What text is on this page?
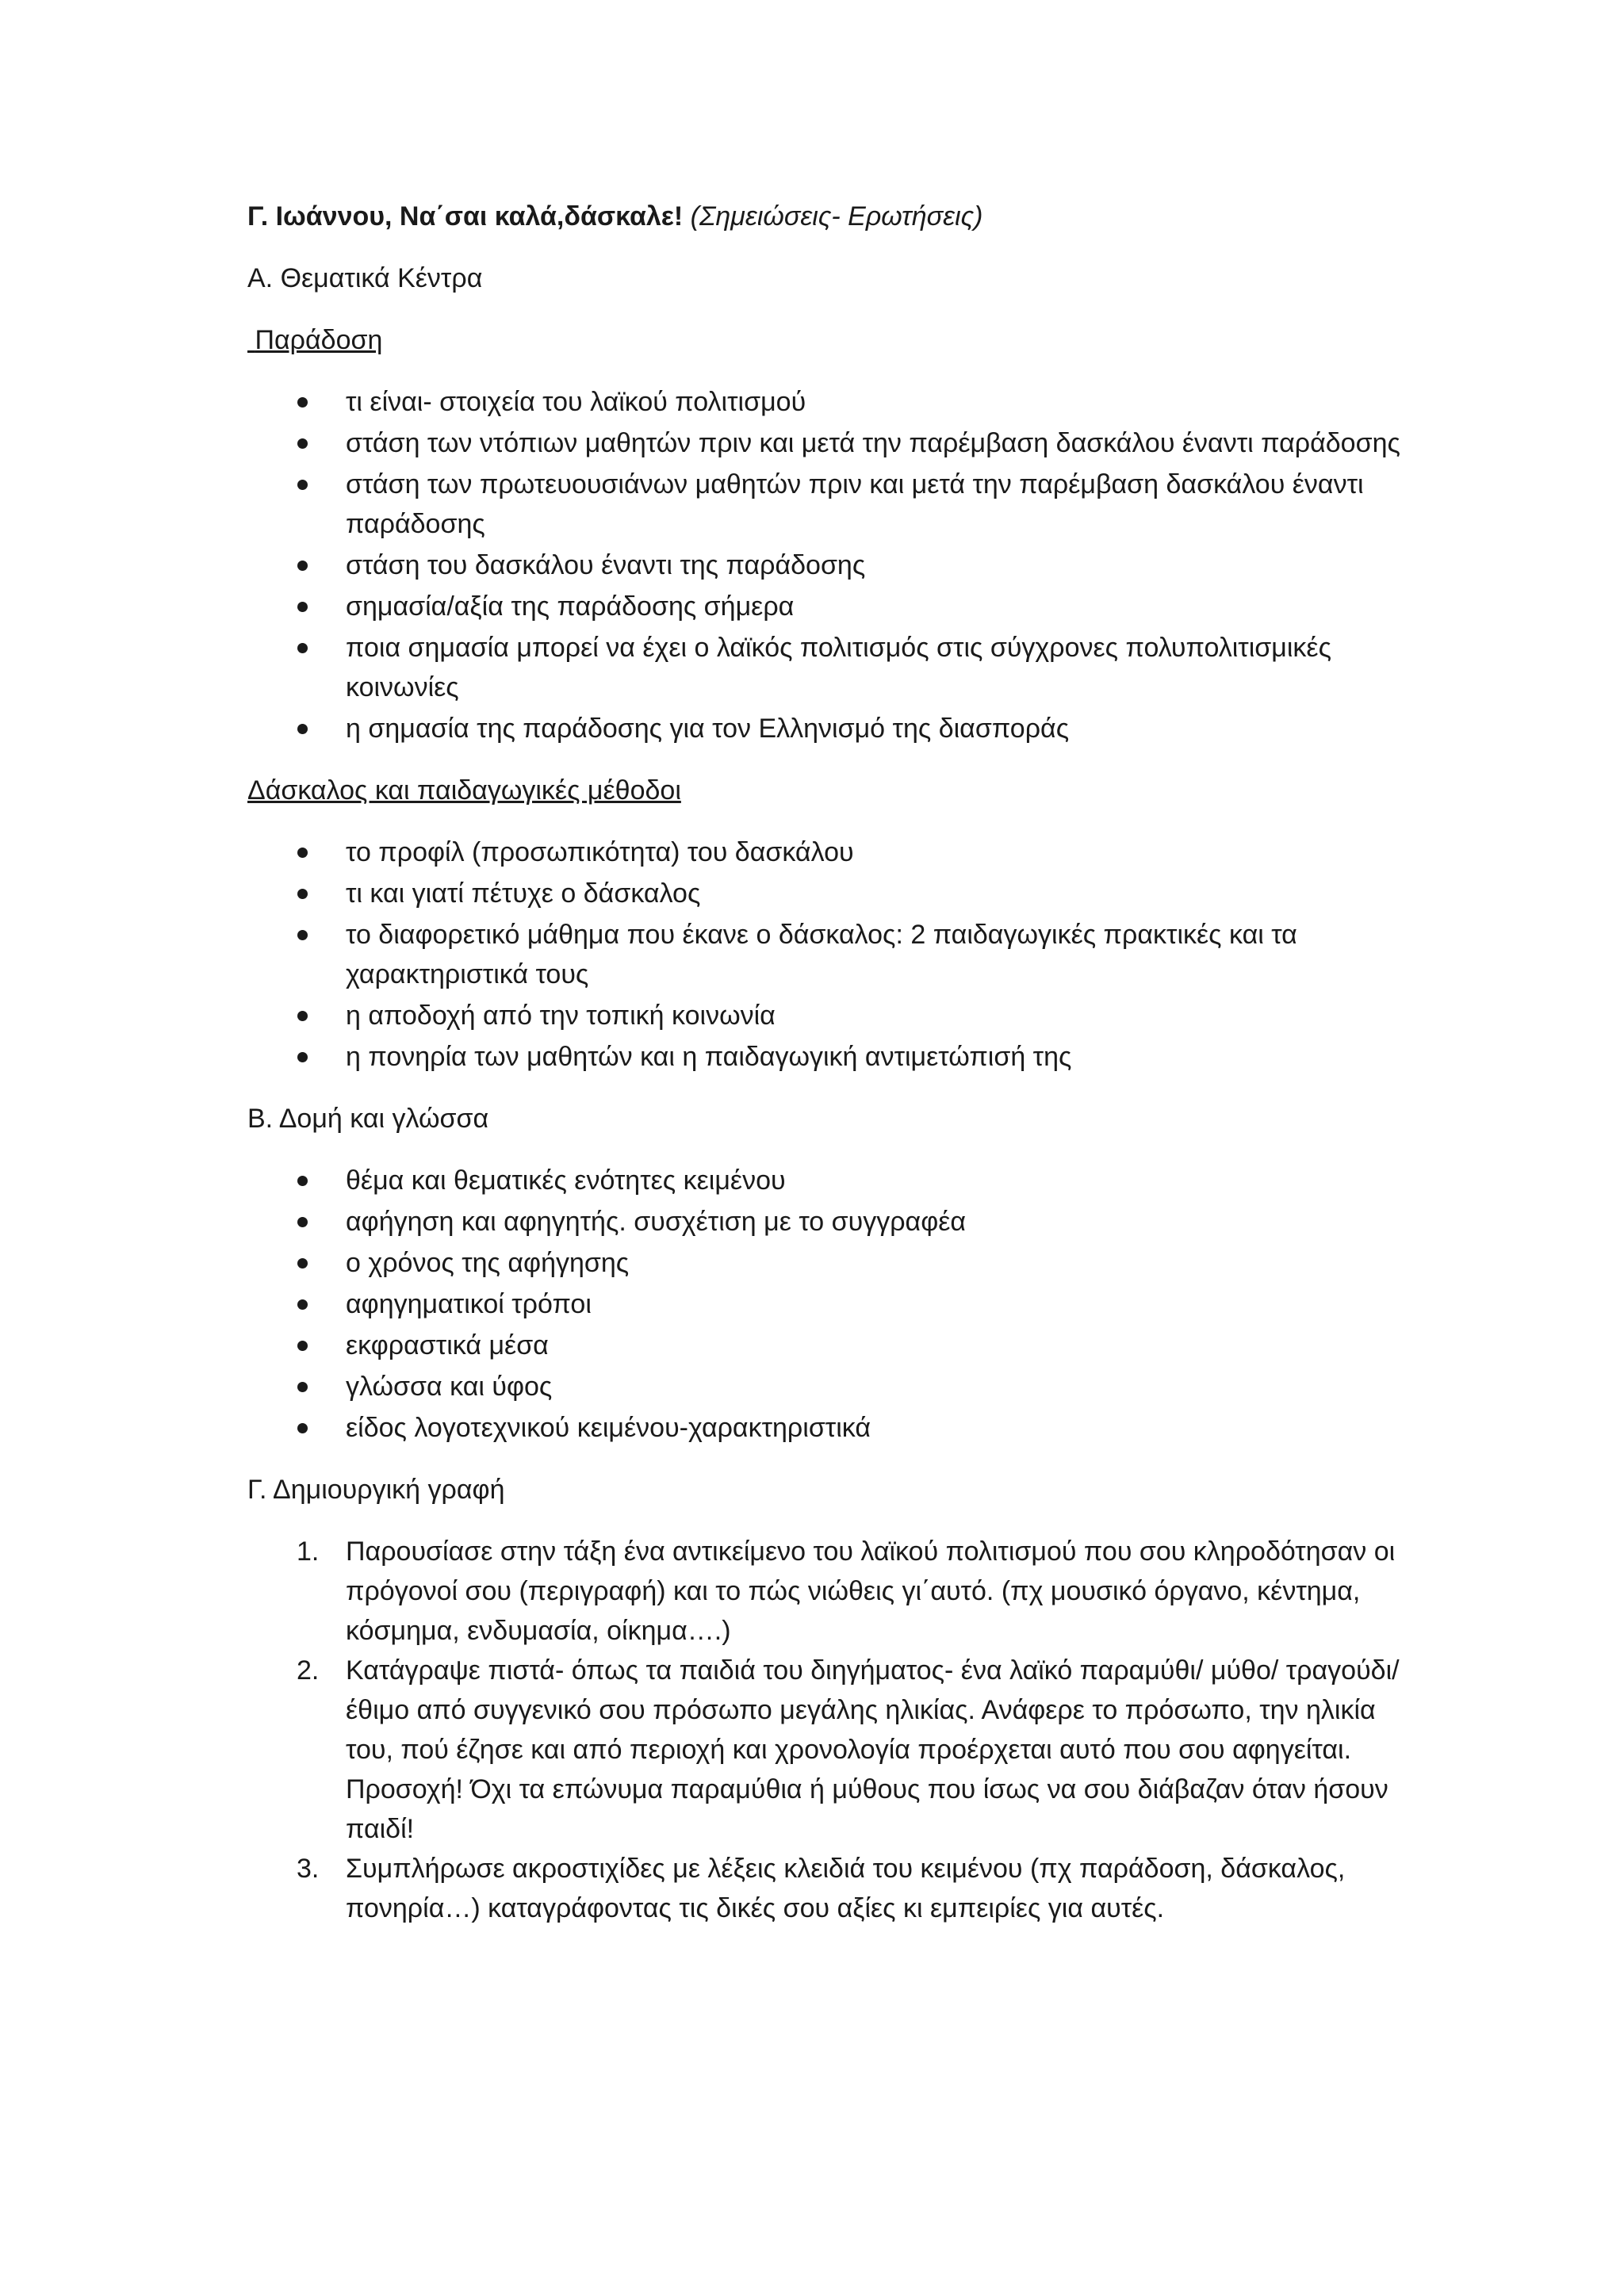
Γ. Ιωάννου, Να΄σαι καλά,δάσκαλε! (Σημειώσεις- Ερωτήσεις)

Α. Θεματικά Κέντρα

Παράδοση

τι είναι- στοιχεία του λαϊκού πολιτισμού
στάση των ντόπιων μαθητών πριν και μετά την παρέμβαση δασκάλου έναντι παράδοσης
στάση των πρωτευουσιάνων μαθητών πριν και μετά την παρέμβαση δασκάλου έναντι παράδοσης
στάση του δασκάλου έναντι της παράδοσης
σημασία/αξία της παράδοσης σήμερα
ποια σημασία μπορεί να έχει ο λαϊκός πολιτισμός στις σύγχρονες πολυπολιτισμικές κοινωνίες
η σημασία της παράδοσης για τον Ελληνισμό της διασποράς

Δάσκαλος και παιδαγωγικές μέθοδοι

το προφίλ (προσωπικότητα) του δασκάλου
τι και γιατί πέτυχε ο δάσκαλος
το διαφορετικό μάθημα που έκανε ο δάσκαλος: 2 παιδαγωγικές πρακτικές και τα χαρακτηριστικά τους
η αποδοχή από την τοπική κοινωνία
η πονηρία των μαθητών και η παιδαγωγική αντιμετώπισή της

Β. Δομή και γλώσσα

θέμα και θεματικές ενότητες κειμένου
αφήγηση και αφηγητής. συσχέτιση με το συγγραφέα
ο χρόνος της αφήγησης
αφηγηματικοί τρόποι
εκφραστικά μέσα
γλώσσα και ύφος
είδος λογοτεχνικού κειμένου-χαρακτηριστικά

Γ. Δημιουργική γραφή

1. Παρουσίασε στην τάξη ένα αντικείμενο του λαϊκού πολιτισμού που σου κληροδότησαν οι πρόγονοί σου (περιγραφή) και το πώς νιώθεις γι΄αυτό. (πχ μουσικό όργανο, κέντημα, κόσμημα, ενδυμασία, οίκημα….)
2. Κατάγραψε πιστά- όπως τα παιδιά του διηγήματος- ένα λαϊκό παραμύθι/ μύθο/ τραγούδι/ έθιμο από συγγενικό σου πρόσωπο μεγάλης ηλικίας. Ανάφερε το πρόσωπο, την ηλικία του, πού έζησε και από περιοχή και χρονολογία προέρχεται αυτό που σου αφηγείται. Προσοχή! Όχι τα επώνυμα παραμύθια ή μύθους που ίσως να σου διάβαζαν όταν ήσουν παιδί!
3. Συμπλήρωσε ακροστιχίδες με λέξεις κλειδιά του κειμένου (πχ παράδοση, δάσκαλος, πονηρία…) καταγράφοντας τις δικές σου αξίες κι εμπειρίες για αυτές.
